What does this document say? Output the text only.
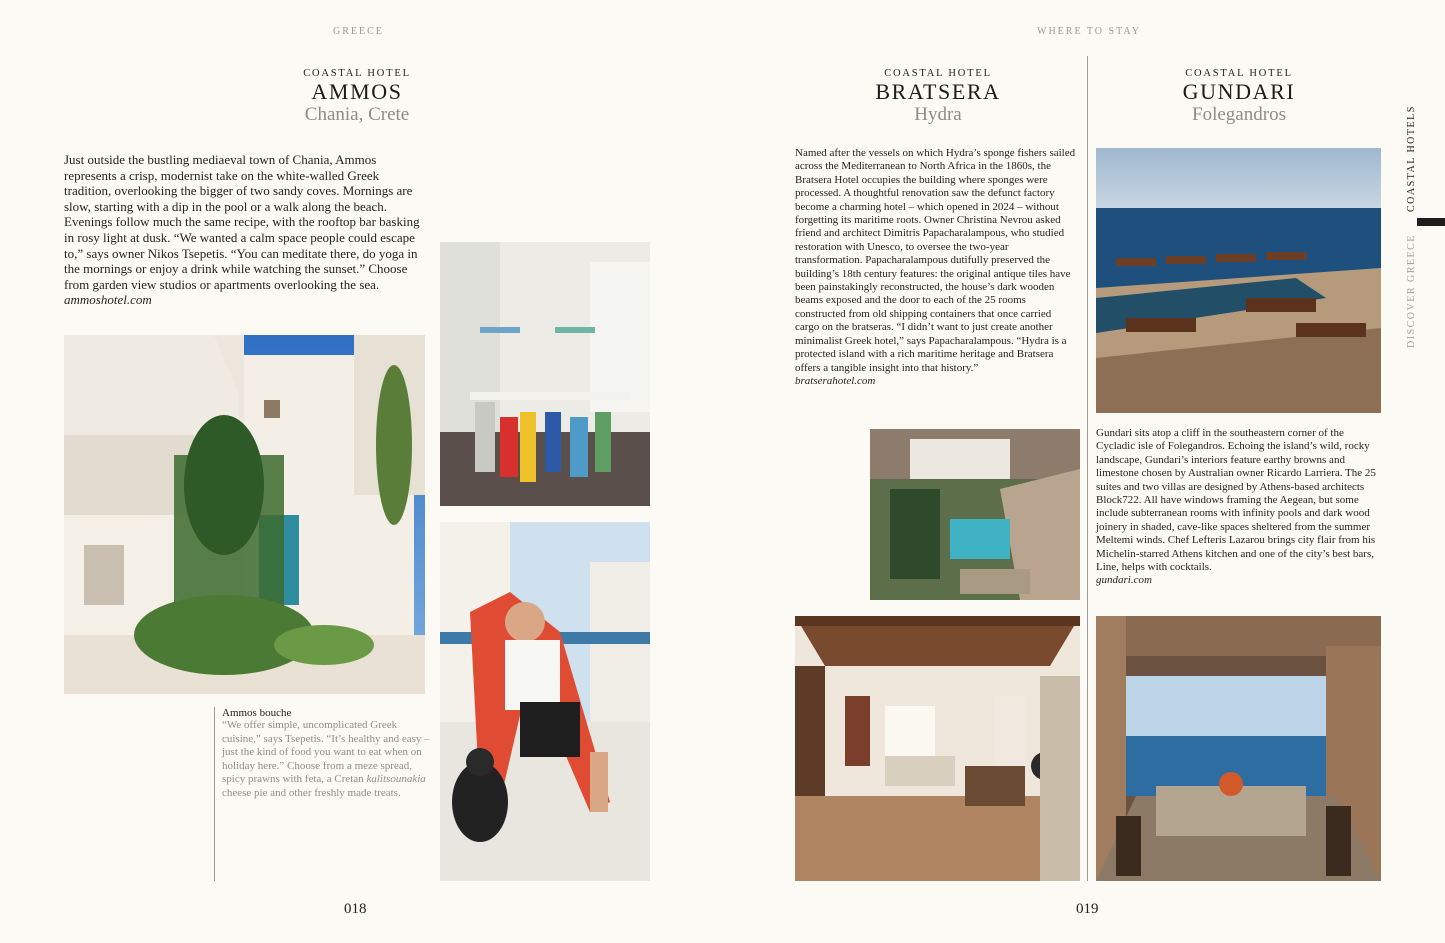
GREECE	WHERE TO STAY
COASTAL HOTEL
AMMOS
Chania, Crete
Just outside the bustling mediaeval town of Chania, Ammos represents a crisp, modernist take on the white-walled Greek tradition, overlooking the bigger of two sandy coves. Mornings are slow, starting with a dip in the pool or a walk along the beach. Evenings follow much the same recipe, with the rooftop bar basking in rosy light at dusk. “We wanted a calm space people could escape to,” says owner Nikos Tsepetis. “You can meditate there, do yoga in the mornings or enjoy a drink while watching the sunset.” Choose from garden view studios or apartments overlooking the sea.
ammoshotel.com
Ammos bouche
“We offer simple, uncomplicated Greek cuisine,” says Tsepetis. “It’s healthy and easy – just the kind of food you want to eat when on holiday here.” Choose from a meze spread, spicy prawns with feta, a Cretan kalitsounakia cheese pie and other freshly made treats.
018
COASTAL HOTEL
BRATSERA
Hydra
Named after the vessels on which Hydra’s sponge fishers sailed across the Mediterranean to North Africa in the 1860s, the Bratsera Hotel occupies the building where sponges were processed. A thoughtful renovation saw the defunct factory become a charming hotel – which opened in 2024 – without forgetting its maritime roots. Owner Christina Nevrou asked friend and architect Dimitris Papacharalampous, who studied restoration with Unesco, to oversee the two-year transformation. Papacharalampous dutifully preserved the building’s 18th century features: the original antique tiles have been painstakingly reconstructed, the house’s dark wooden beams exposed and the door to each of the 25 rooms constructed from old shipping containers that once carried cargo on the bratseras. “I didn’t want to just create another minimalist Greek hotel,” says Papacharalampous. “Hydra is a protected island with a rich maritime heritage and Bratsera offers a tangible insight into that history.”
bratserahotel.com
COASTAL HOTEL
GUNDARI
Folegandros
Gundari sits atop a cliff in the southeastern corner of the Cycladic isle of Folegandros. Echoing the island’s wild, rocky landscape, Gundari’s interiors feature earthy browns and limestone chosen by Australian owner Ricardo Larriera. The 25 suites and two villas are designed by Athens-based architects Block722. All have windows framing the Aegean, but some include subterranean rooms with infinity pools and dark wood joinery in shaded, cave-like spaces sheltered from the summer Meltemi winds. Chef Lefteris Lazarou brings city flair from his Michelin-starred Athens kitchen and one of the city’s best bars, Line, helps with cocktails.
gundari.com
019
COASTAL HOTELS
DISCOVER GREECE
